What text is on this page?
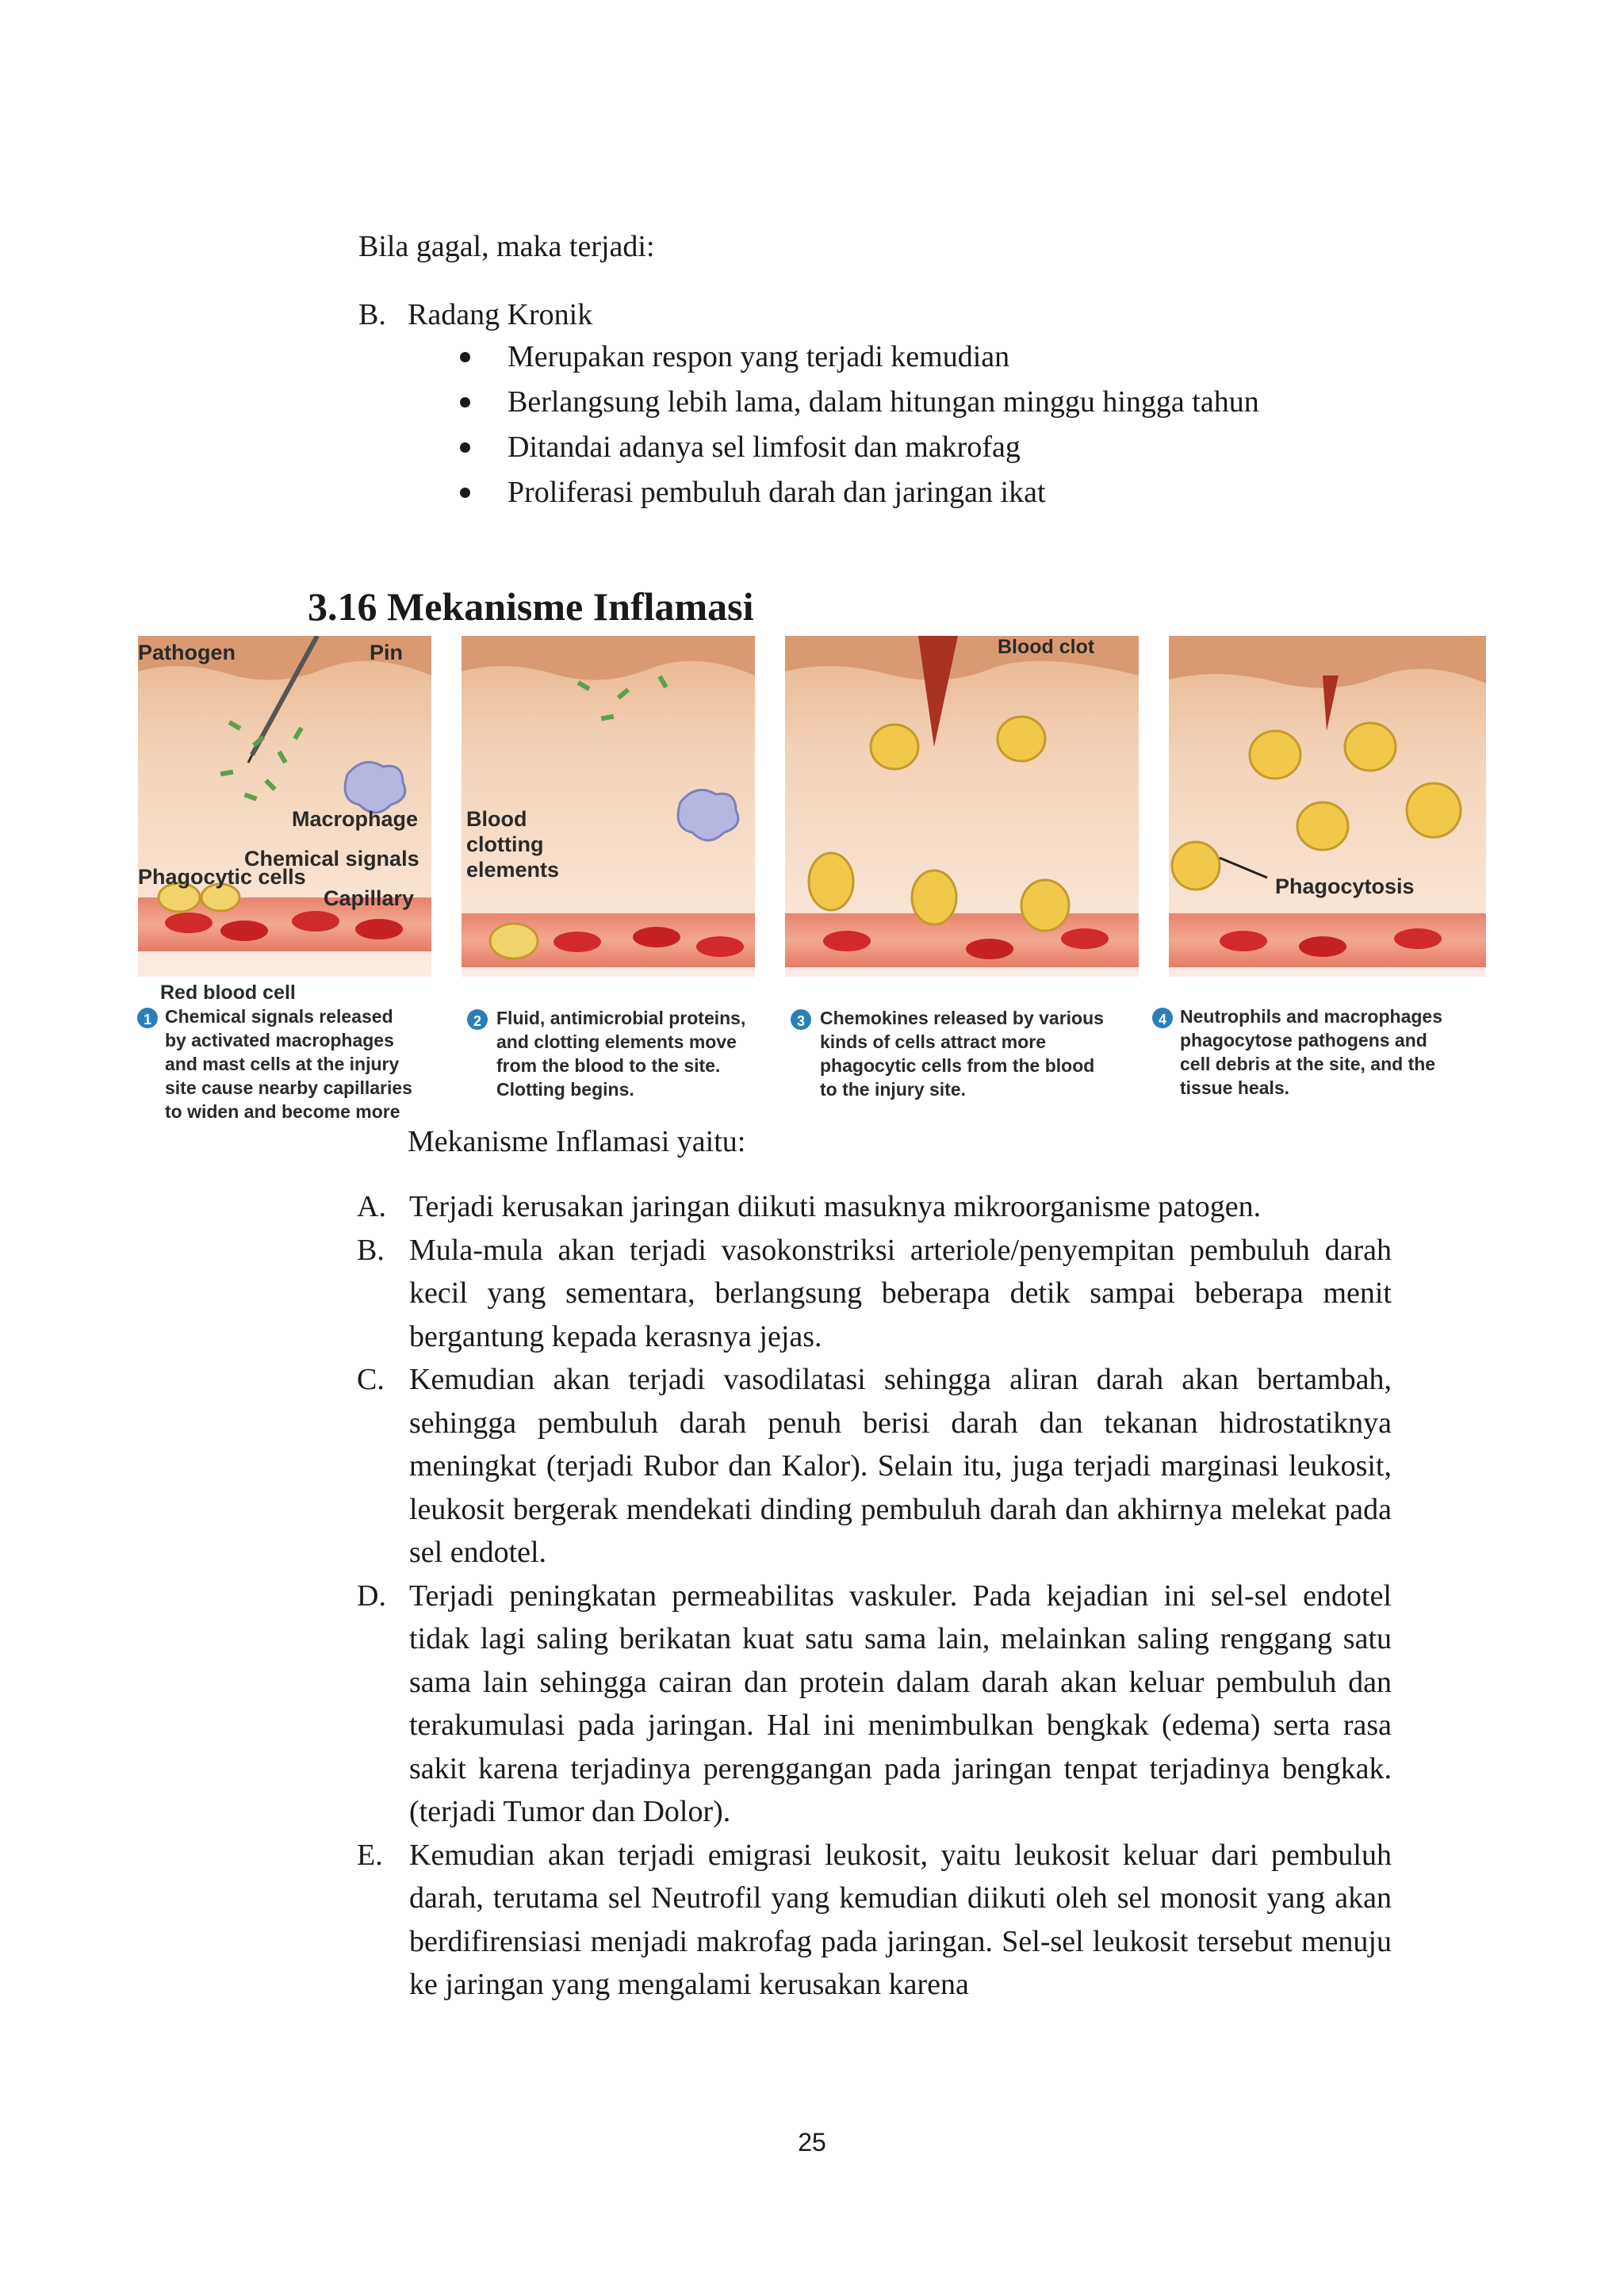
Bila gagal, maka terjadi:
B. Radang Kronik
Merupakan respon yang terjadi kemudian
Berlangsung lebih lama, dalam hitungan minggu hingga tahun
Ditandai adanya sel limfosit dan makrofag
Proliferasi pembuluh darah dan jaringan ikat
3.16 Mekanisme Inflamasi
Pathogen	Pin
Macrophage
Chemical signals
Phagocytic cells
Capillary
Red blood cell
Blood
clotting
elements
Blood clot
Phagocytosis
1 Chemical signals released
by activated macrophages
and mast cells at the injury
site cause nearby capillaries
to widen and become more
2 Fluid, antimicrobial proteins,
and clotting elements move
from the blood to the site.
Clotting begins.
3 Chemokines released by various
kinds of cells attract more
phagocytic cells from the blood
to the injury site.
4 Neutrophils and macrophages
phagocytose pathogens and
cell debris at the site, and the
tissue heals.
Mekanisme Inflamasi yaitu:
A. Terjadi kerusakan jaringan diikuti masuknya mikroorganisme patogen.
B. Mula-mula akan terjadi vasokonstriksi arteriole/penyempitan pembuluh darah kecil yang sementara, berlangsung beberapa detik sampai beberapa menit bergantung kepada kerasnya jejas.
C. Kemudian akan terjadi vasodilatasi sehingga aliran darah akan bertambah, sehingga pembuluh darah penuh berisi darah dan tekanan hidrostatiknya meningkat (terjadi Rubor dan Kalor). Selain itu, juga terjadi marginasi leukosit, leukosit bergerak mendekati dinding pembuluh darah dan akhirnya melekat pada sel endotel.
D. Terjadi peningkatan permeabilitas vaskuler. Pada kejadian ini sel-sel endotel tidak lagi saling berikatan kuat satu sama lain, melainkan saling renggang satu sama lain sehingga cairan dan protein dalam darah akan keluar pembuluh dan terakumulasi pada jaringan. Hal ini menimbulkan bengkak (edema) serta rasa sakit karena terjadinya perenggangan pada jaringan tenpat terjadinya bengkak. (terjadi Tumor dan Dolor).
E. Kemudian akan terjadi emigrasi leukosit, yaitu leukosit keluar dari pembuluh darah, terutama sel Neutrofil yang kemudian diikuti oleh sel monosit yang akan berdifirensiasi menjadi makrofag pada jaringan. Sel-sel leukosit tersebut menuju ke jaringan yang mengalami kerusakan karena
25
